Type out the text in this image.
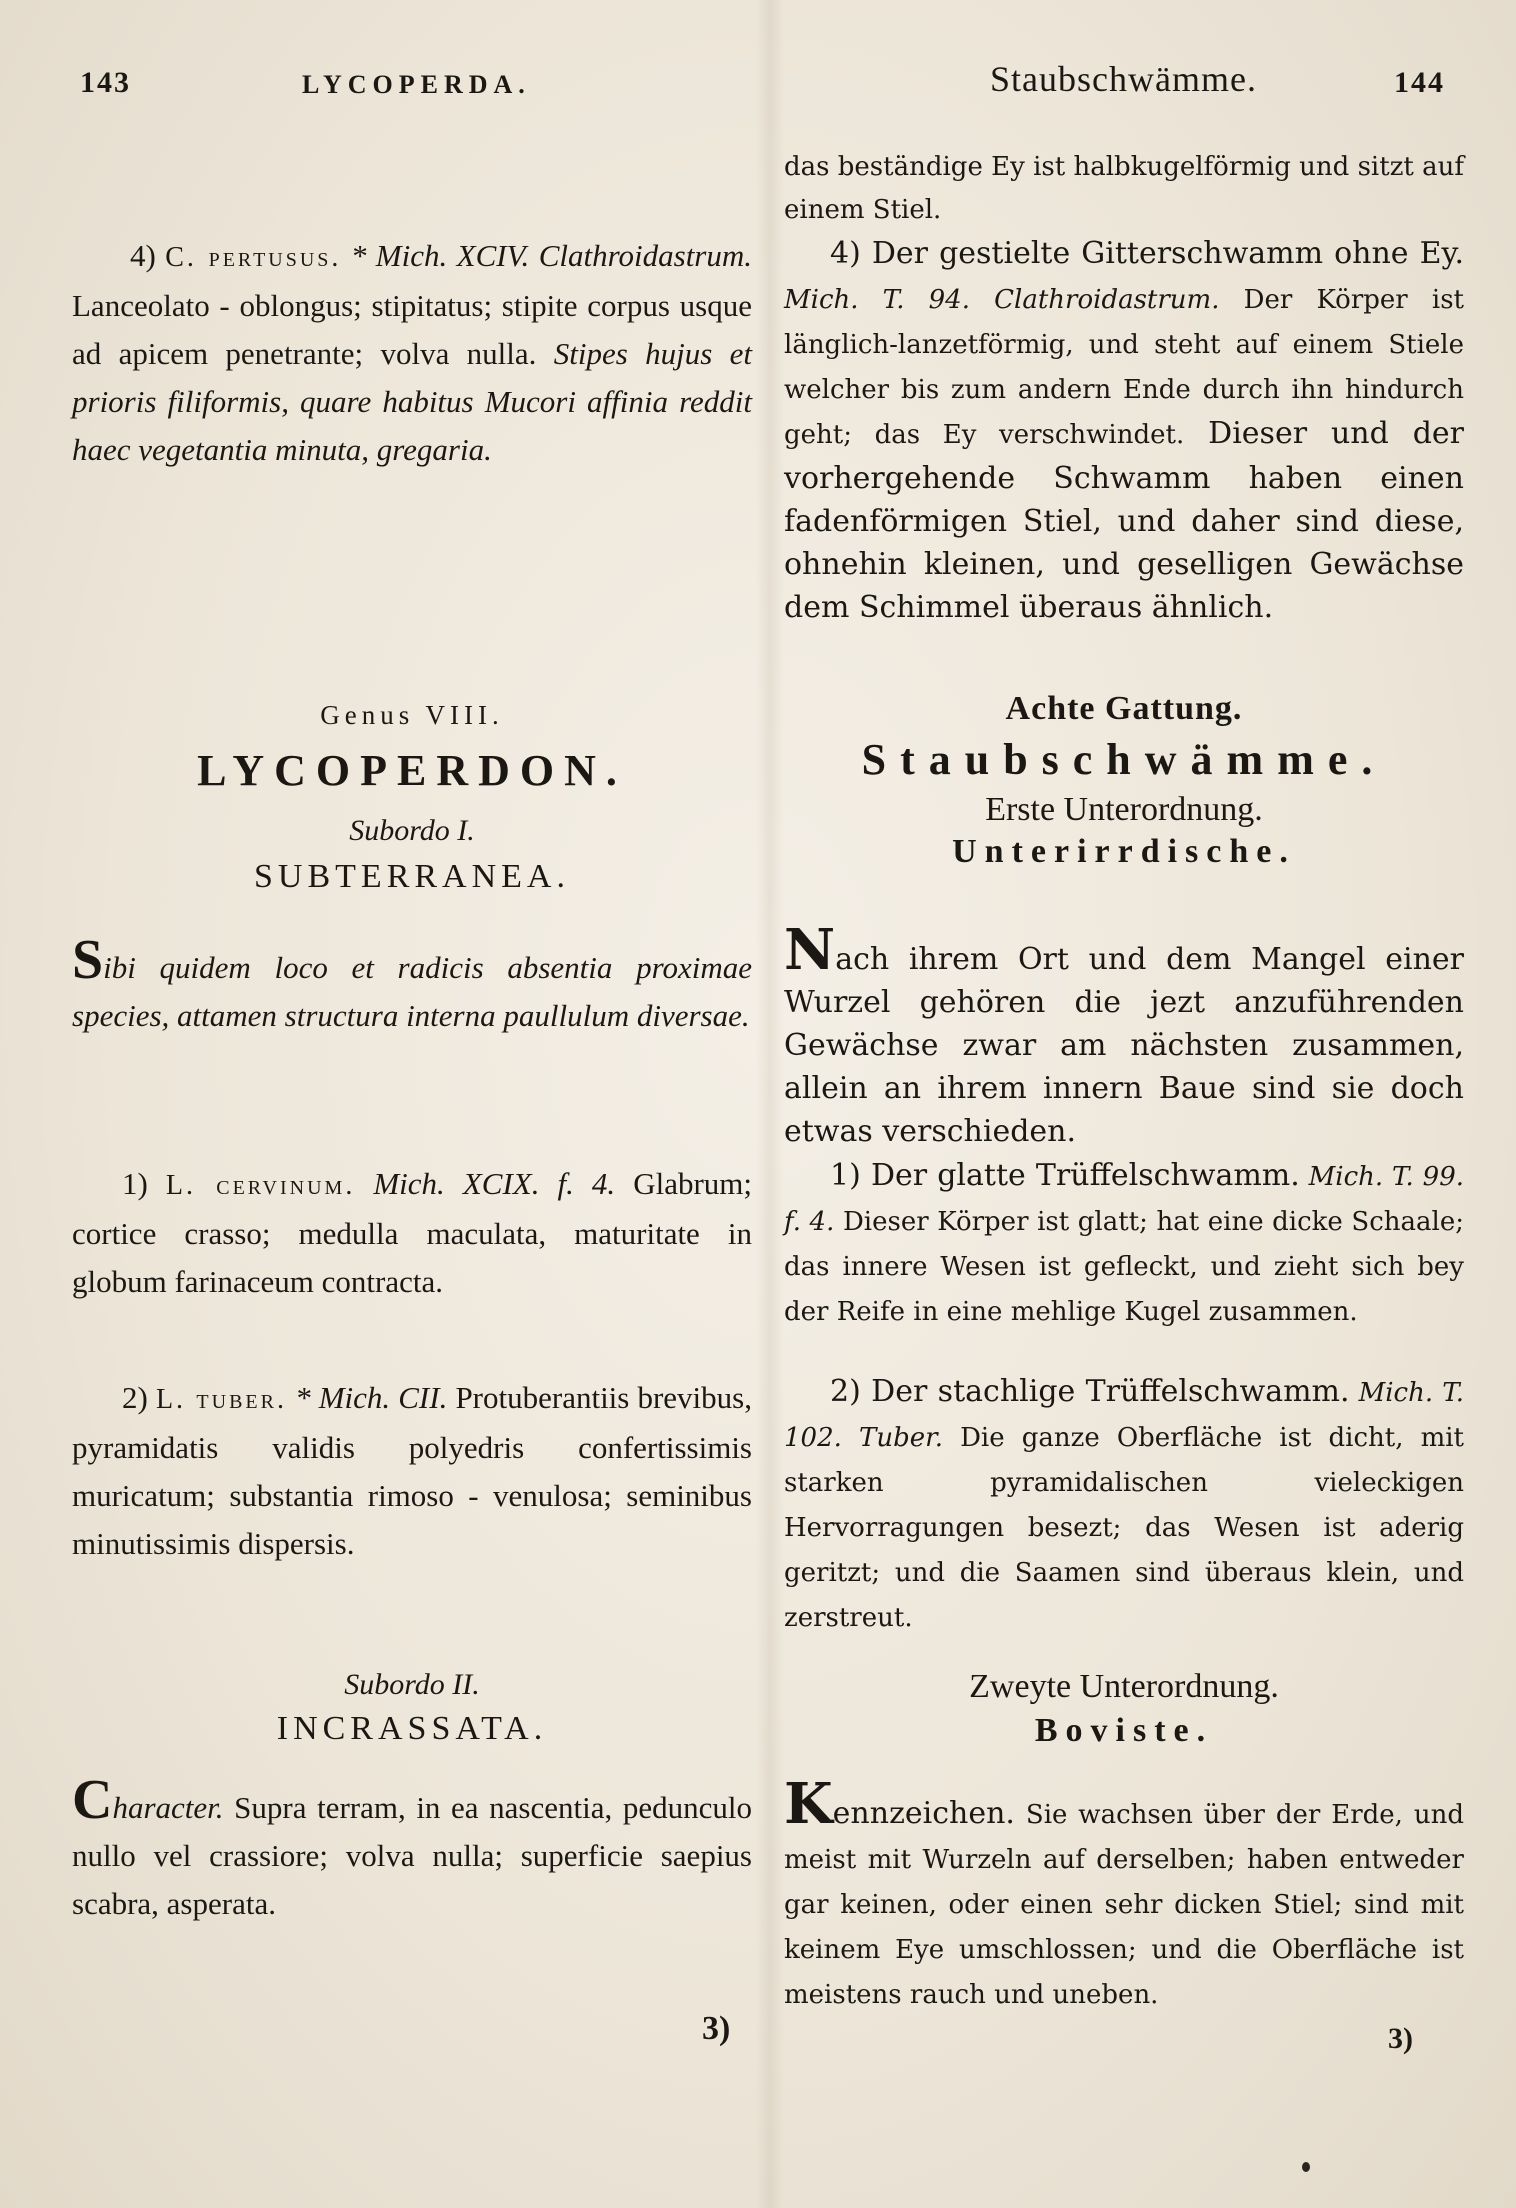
143	LYCOPERDA.

4) C. pertusus. * Mich. XCIV. Clathroidastrum. Lanceolato - oblongus; stipitatus; stipite corpus usque ad apicem penetrante; volva nulla. Stipes hujus et prioris filiformis, quare habitus Mucori affinia reddit haec vegetantia minuta, gregaria.

Genus VIII.

LYCOPERDON.

Subordo I.

SUBTERRANEA.

Sibi quidem loco et radicis absentia proximae species, attamen structura interna paullulum diversae.

1) L. cervinum. Mich. XCIX. f. 4. Glabrum; cortice crasso; medulla maculata, maturitate in globum farinaceum contracta.

2) L. tuber. * Mich. CII. Protuberantiis brevibus, pyramidatis validis polyedris confertissimis muricatum; substantia rimoso - venulosa; seminibus minutissimis dispersis.

Subordo II.

INCRASSATA.

Character. Supra terram, in ea nascentia, pedunculo nullo vel crassiore; volva nulla; superficie saepius scabra, asperata.

3)
Staubschwämme.	144

das beständige Ey ist halbkugelförmig und sitzt auf einem Stiel.

4) Der gestielte Gitterschwamm ohne Ey. Mich. T. 94. Clathroidastrum. Der Körper ist länglich-lanzetförmig, und steht auf einem Stiele welcher bis zum andern Ende durch ihn hindurch geht; das Ey verschwindet. Dieser und der vorhergehende Schwamm haben einen fadenförmigen Stiel, und daher sind diese, ohnehin kleinen, und geselligen Gewächse dem Schimmel überaus ähnlich.

Achte Gattung.

Staubschwämme.

Erste Unterordnung.

Unterirrdische.

Nach ihrem Ort und dem Mangel einer Wurzel gehören die jezt anzuführenden Gewächse zwar am nächsten zusammen, allein an ihrem innern Baue sind sie doch etwas verschieden.

1) Der glatte Trüffelschwamm. Mich. T. 99. f. 4. Dieser Körper ist glatt; hat eine dicke Schaale; das innere Wesen ist gefleckt, und zieht sich bey der Reife in eine mehlige Kugel zusammen.

2) Der stachlige Trüffelschwamm. Mich. T. 102. Tuber. Die ganze Oberfläche ist dicht, mit starken pyramidalischen vieleckigen Hervorragungen besezt; das Wesen ist aderig geritzt; und die Saamen sind überaus klein, und zerstreut.

Zweyte Unterordnung.

Boviste.

Kennzeichen. Sie wachsen über der Erde, und meist mit Wurzeln auf derselben; haben entweder gar keinen, oder einen sehr dicken Stiel; sind mit keinem Eye umschlossen; und die Oberfläche ist meistens rauch und uneben.

3)
